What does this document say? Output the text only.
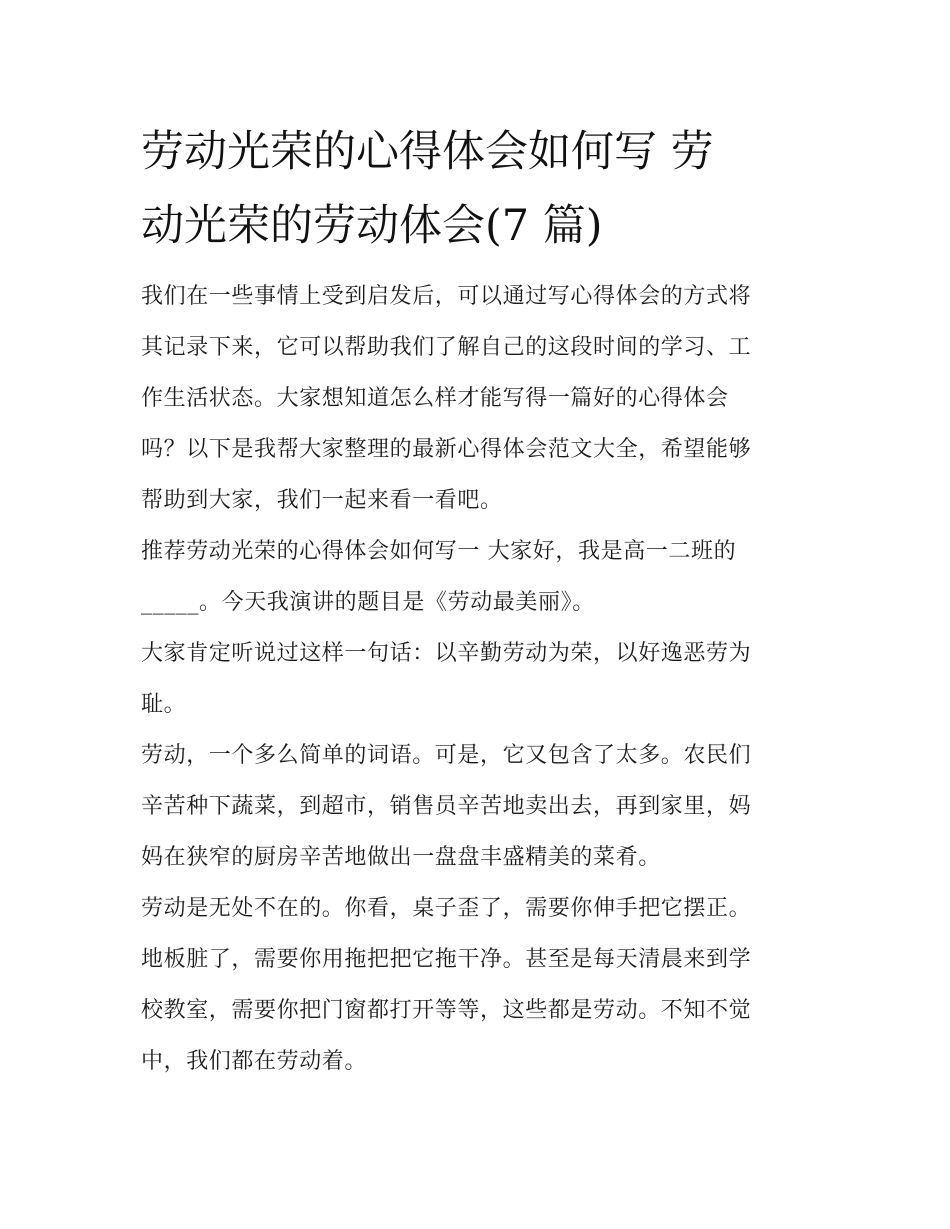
劳动光荣的心得体会如何写 劳
动光荣的劳动体会(7 篇)

我们在一些事情上受到启发后，可以通过写心得体会的方式将
其记录下来，它可以帮助我们了解自己的这段时间的学习、工
作生活状态。大家想知道怎么样才能写得一篇好的心得体会
吗？以下是我帮大家整理的最新心得体会范文大全，希望能够
帮助到大家，我们一起来看一看吧。

推荐劳动光荣的心得体会如何写一 大家好，我是高一二班的
_____。今天我演讲的题目是《劳动最美丽》。

大家肯定听说过这样一句话：以辛勤劳动为荣，以好逸恶劳为
耻。

劳动，一个多么简单的词语。可是，它又包含了太多。农民们
辛苦种下蔬菜，到超市，销售员辛苦地卖出去，再到家里，妈
妈在狭窄的厨房辛苦地做出一盘盘丰盛精美的菜肴。

劳动是无处不在的。你看，桌子歪了，需要你伸手把它摆正。
地板脏了，需要你用拖把把它拖干净。甚至是每天清晨来到学
校教室，需要你把门窗都打开等等，这些都是劳动。不知不觉
中，我们都在劳动着。
